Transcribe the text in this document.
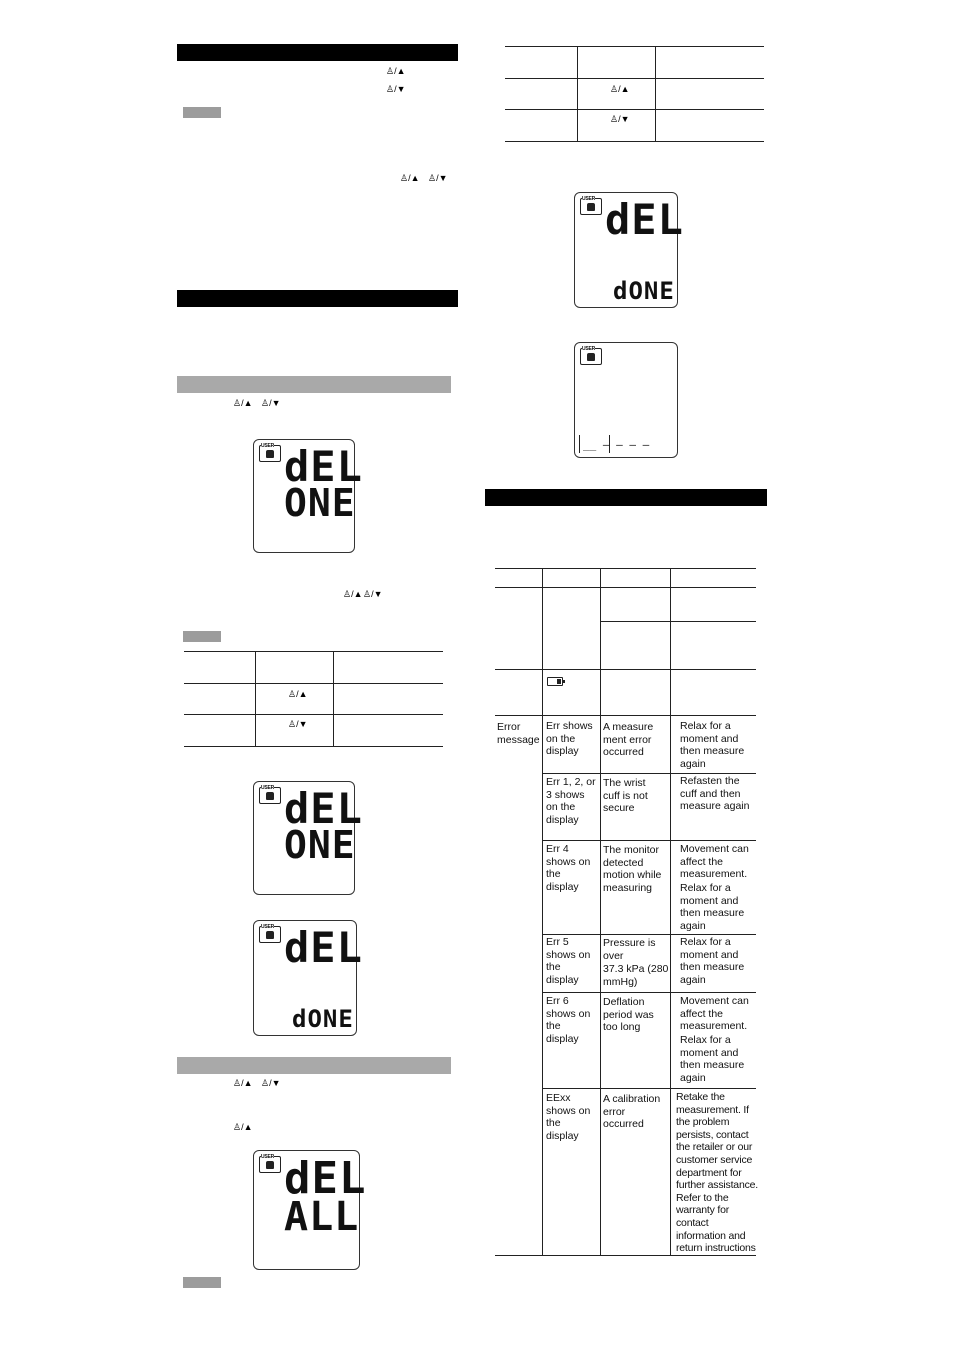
♙/▲
♙/▼
♙/▲ ♙/▼
♙/▲ ♙/▼
USER dEL
ONE
♙/▲ ♙/▼
♙/▲
♙/▼
USER dEL
ONE
USER dEL
dONE
♙/▲ ♙/▼
♙/▲
USER dEL
ALL
♙/▲
♙/▼
USER dEL
dONE
USER
__ — — — —
Error message
Err shows on the display
A measure ment error occurred
Relax for a moment and then measure again
Err 1, 2, or 3 shows on the display
The wrist cuff is not secure
Refasten the cuff and then measure again
Err 4 shows on the display
The monitor detected motion while measuring
Movement can affect the measurement.
Relax for a moment and then measure again
Err 5 shows on the display
Pressure is over
37.3 kPa (280 mmHg)
Relax for a moment and then measure again
Err 6 shows on the display
Deflation period was too long
Movement can affect the measurement.
Relax for a moment and then measure again
EExx shows on the display
A calibration error occurred
Retake the measurement. If the problem persists, contact the retailer or our customer service department for further assistance. Refer to the warranty for contact information and return instructions
